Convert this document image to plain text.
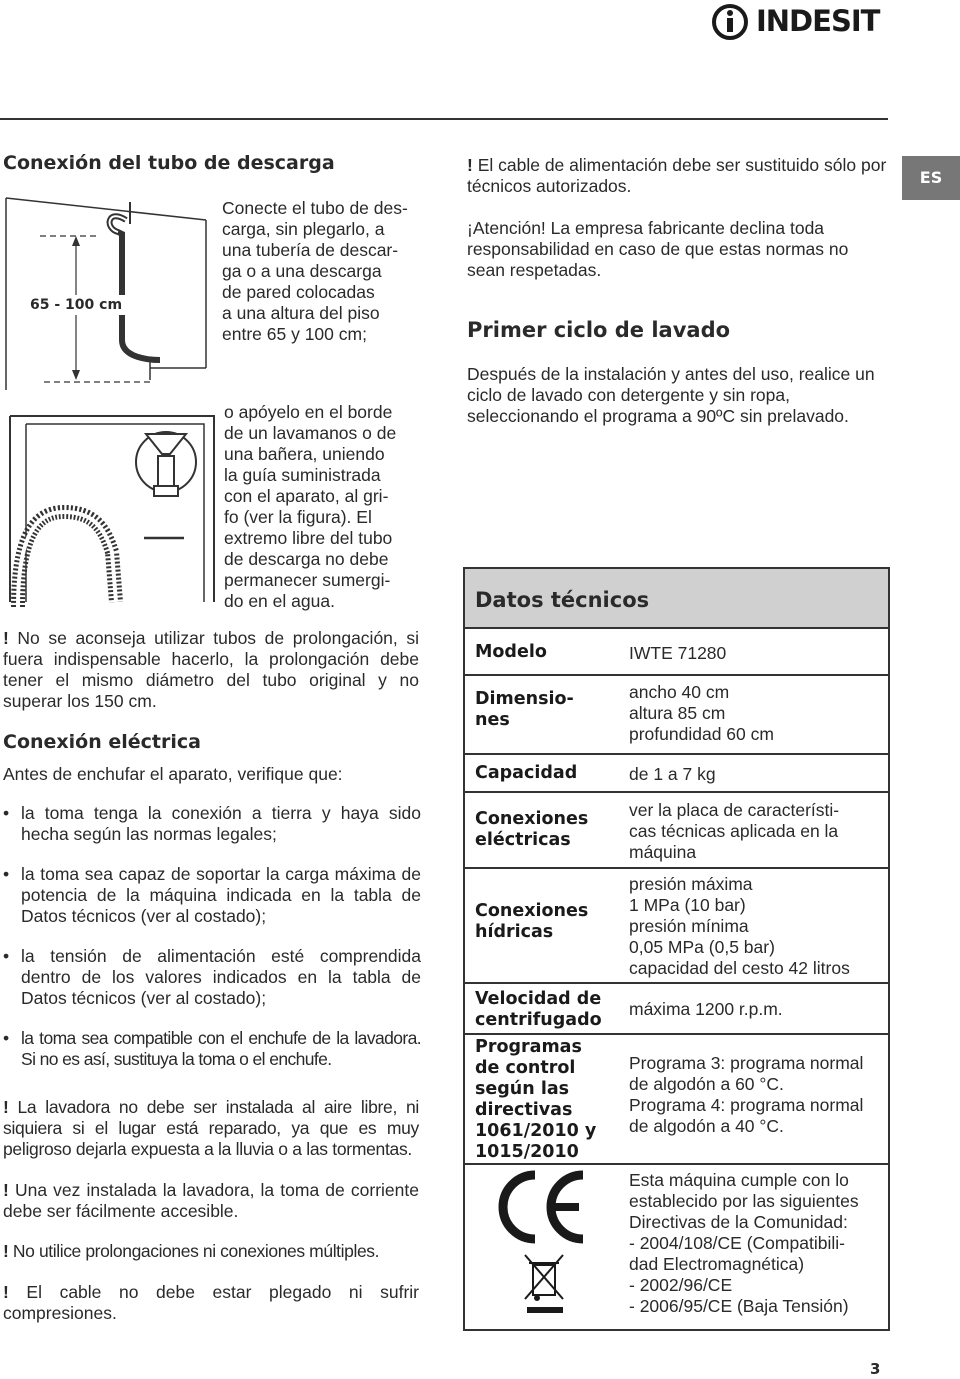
INDESIT
ES
Conexión del tubo de descarga
65 - 100 cm
Conecte el tubo de des-
carga, sin plegarlo, a
una tubería de descar-
ga o a una descarga
de pared colocadas
a una altura del piso
entre 65 y 100 cm;
o apóyelo en el borde
de un lavamanos o de
una bañera, uniendo
la guía suministrada
con el aparato, al gri-
fo (ver la figura). El
extremo libre del tubo
de descarga no debe
permanecer sumergi-
do en el agua.
! No se aconseja utilizar tubos de prolongación, si fuera indispensable hacerlo, la prolongación debe tener el mismo diámetro del tubo original y no superar los 150 cm.
Conexión eléctrica
Antes de enchufar el aparato, verifique que:
• la toma tenga la conexión a tierra y haya sido hecha según las normas legales;
• la toma sea capaz de soportar la carga máxima de potencia de la máquina indicada en la tabla de Datos técnicos (ver al costado);
• la tensión de alimentación esté comprendida dentro de los valores indicados en la tabla de Datos técnicos (ver al costado);
• la toma sea compatible con el enchufe de la lavadora. Si no es así, sustituya la toma o el enchufe.
! La lavadora no debe ser instalada al aire libre, ni siquiera si el lugar está reparado, ya que es muy peligroso dejarla expuesta a la lluvia o a las tormentas.
! Una vez instalada la lavadora, la toma de corriente debe ser fácilmente accesible.
! No utilice prolongaciones ni conexiones múltiples.
! El cable no debe estar plegado ni sufrir compresiones.
! El cable de alimentación debe ser sustituido sólo por técnicos autorizados.
¡Atención! La empresa fabricante declina toda responsabilidad en caso de que estas normas no sean respetadas.
Primer ciclo de lavado
Después de la instalación y antes del uso, realice un ciclo de lavado con detergente y sin ropa, seleccionando el programa a 90ºC sin prelavado.
Datos técnicos
Modelo	IWTE 71280
Dimensio-
nes
ancho 40 cm
altura 85 cm
profundidad 60 cm
Capacidad	de 1 a 7 kg
Conexiones
eléctricas
ver la placa de característi-
cas técnicas aplicada en la
máquina
Conexiones
hídricas
presión máxima
1 MPa (10 bar)
presión mínima
0,05 MPa (0,5 bar)
capacidad del cesto 42 litros
Velocidad de
centrifugado
máxima 1200 r.p.m.
Programas
de control
según las
directivas
1061/2010 y
1015/2010
Programa 3: programa normal
de algodón a 60 °C.
Programa 4: programa normal
de algodón a 40 °C.
Esta máquina cumple con lo
establecido por las siguientes
Directivas de la Comunidad:
- 2004/108/CE (Compatibili-
dad Electromagnética)
- 2002/96/CE
- 2006/95/CE (Baja Tensión)
3
